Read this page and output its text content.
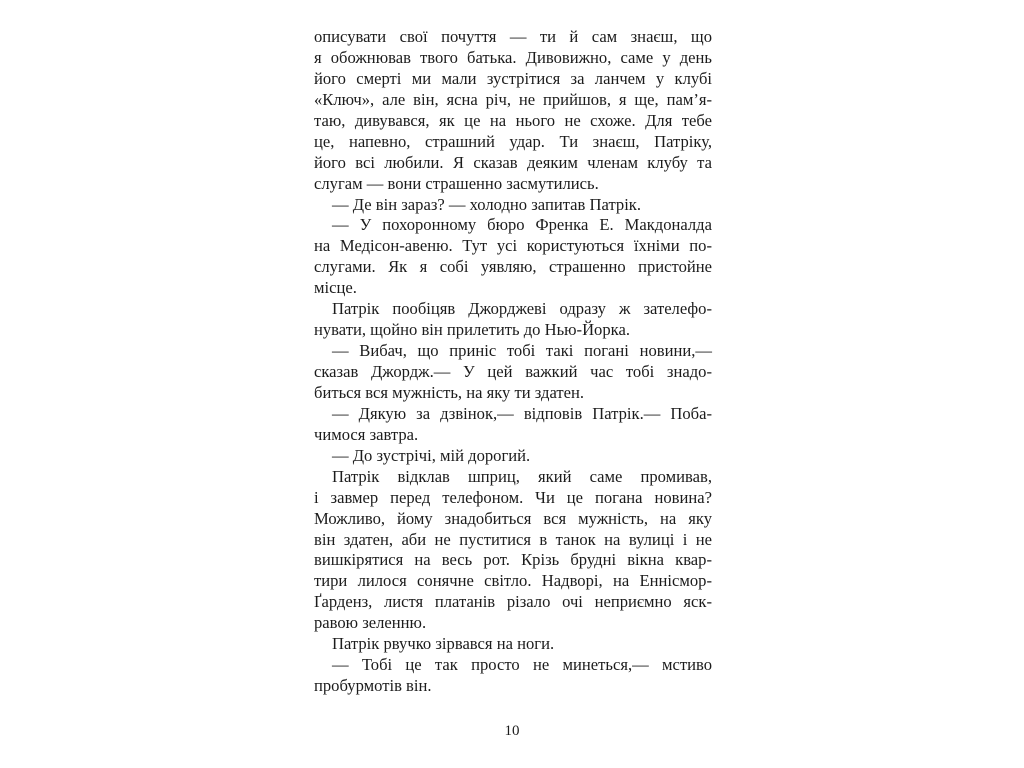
описувати свої почуття — ти й сам знаєш, що
я обожнював твого батька. Дивовижно, саме у день
його смерті ми мали зустрітися за ланчем у клубі
«Ключ», але він, ясна річ, не прийшов, я ще, пам’я-
таю, дивувався, як це на нього не схоже. Для тебе
це, напевно, страшний удар. Ти знаєш, Патріку,
його всі любили. Я сказав деяким членам клубу та
слугам — вони страшенно засмутились.
— Де він зараз? — холодно запитав Патрік.
— У похоронному бюро Френка Е. Макдоналда
на Медісон-авеню. Тут усі користуються їхніми по-
слугами. Як я собі уявляю, страшенно пристойне
місце.
Патрік пообіцяв Джорджеві одразу ж зателефо-
нувати, щойно він прилетить до Нью-Йорка.
— Вибач, що приніс тобі такі погані новини,—
сказав Джордж.— У цей важкий час тобі знадо-
биться вся мужність, на яку ти здатен.
— Дякую за дзвінок,— відповів Патрік.— Поба-
чимося завтра.
— До зустрічі, мій дорогий.
Патрік відклав шприц, який саме промивав,
і завмер перед телефоном. Чи це погана новина?
Можливо, йому знадобиться вся мужність, на яку
він здатен, аби не пуститися в танок на вулиці і не
вишкірятися на весь рот. Крізь брудні вікна квар-
тири лилося сонячне світло. Надворі, на Еннісмор-
Ґарденз, листя платанів різало очі неприємно яск-
равою зеленню.
Патрік рвучко зірвався на ноги.
— Тобі це так просто не минеться,— мстиво
пробурмотів він.
10
